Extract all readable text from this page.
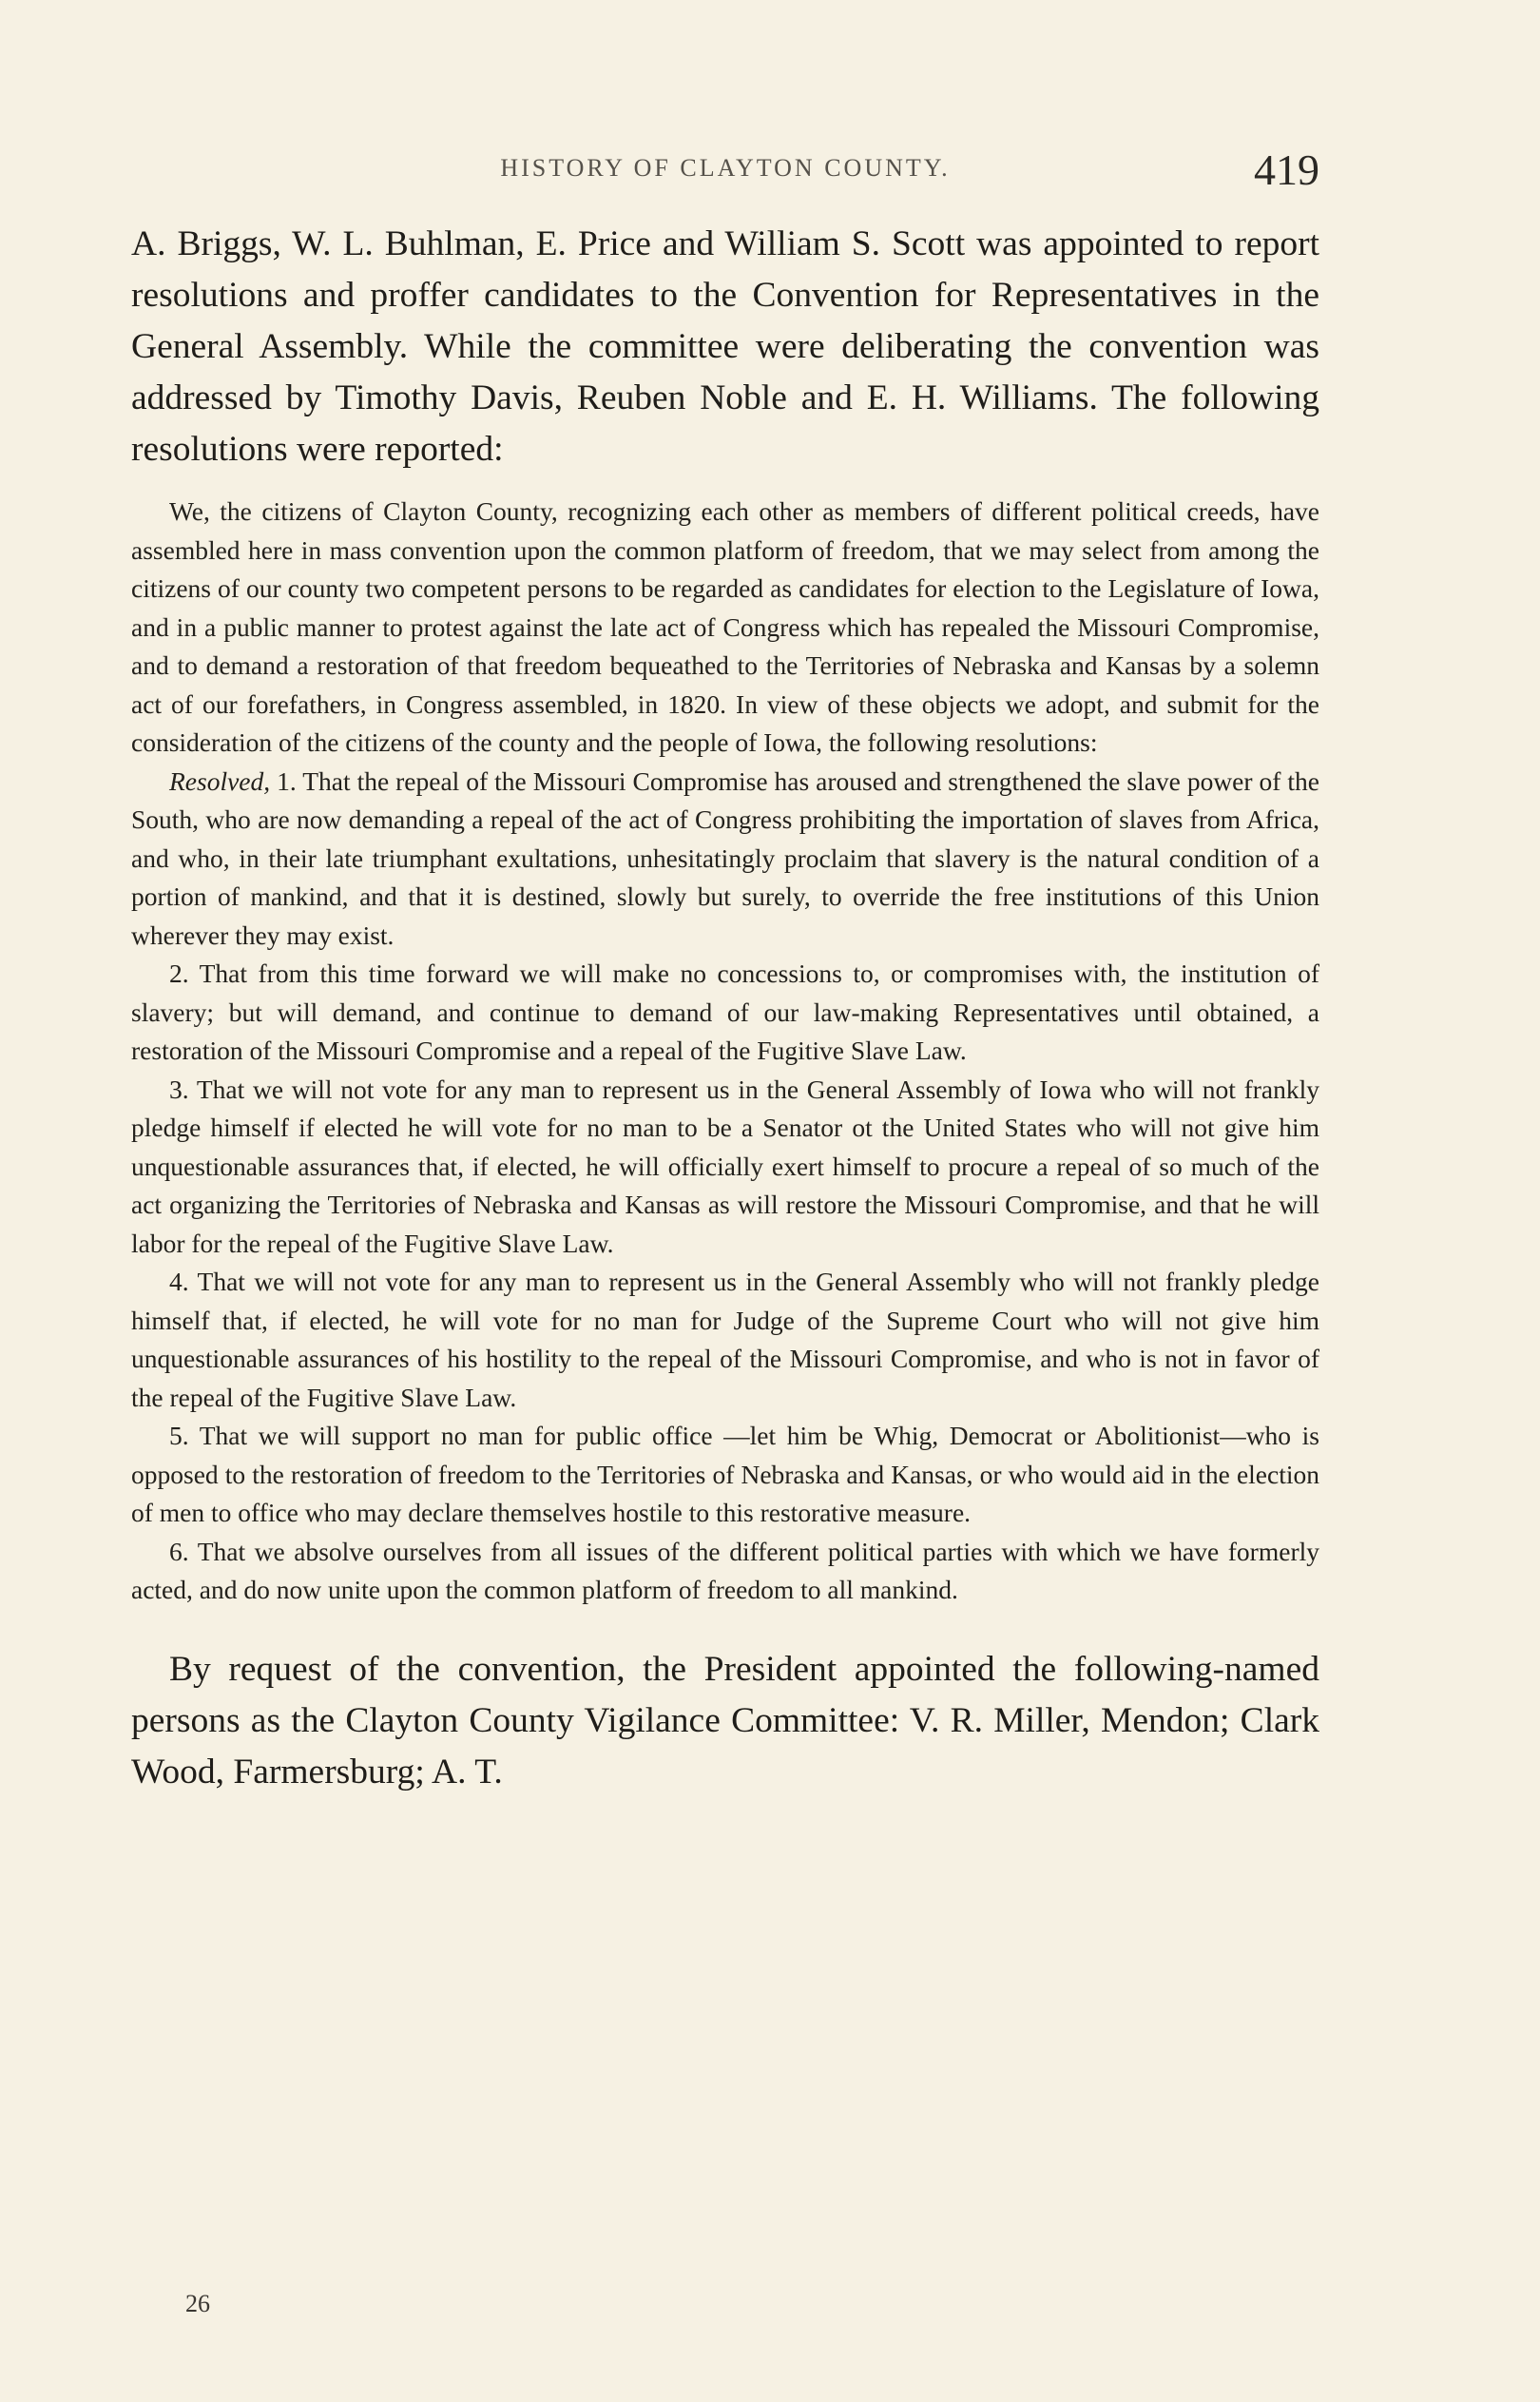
HISTORY OF CLAYTON COUNTY.	419

A. Briggs, W. L. Buhlman, E. Price and William S. Scott was appointed to report resolutions and proffer candidates to the Convention for Representatives in the General Assembly. While the committee were deliberating the convention was addressed by Timothy Davis, Reuben Noble and E. H. Williams. The following resolutions were reported:

We, the citizens of Clayton County, recognizing each other as members of different political creeds, have assembled here in mass convention upon the common platform of freedom, that we may select from among the citizens of our county two competent persons to be regarded as candidates for election to the Legislature of Iowa, and in a public manner to protest against the late act of Congress which has repealed the Missouri Compromise, and to demand a restoration of that freedom bequeathed to the Territories of Nebraska and Kansas by a solemn act of our forefathers, in Congress assembled, in 1820. In view of these objects we adopt, and submit for the consideration of the citizens of the county and the people of Iowa, the following resolutions:

Resolved, 1. That the repeal of the Missouri Compromise has aroused and strengthened the slave power of the South, who are now demanding a repeal of the act of Congress prohibiting the importation of slaves from Africa, and who, in their late triumphant exultations, unhesitatingly proclaim that slavery is the natural condition of a portion of mankind, and that it is destined, slowly but surely, to override the free institutions of this Union wherever they may exist.

2. That from this time forward we will make no concessions to, or compromises with, the institution of slavery; but will demand, and continue to demand of our law-making Representatives until obtained, a restoration of the Missouri Compromise and a repeal of the Fugitive Slave Law.

3. That we will not vote for any man to represent us in the General Assembly of Iowa who will not frankly pledge himself if elected he will vote for no man to be a Senator ot the United States who will not give him unquestionable assurances that, if elected, he will officially exert himself to procure a repeal of so much of the act organizing the Territories of Nebraska and Kansas as will restore the Missouri Compromise, and that he will labor for the repeal of the Fugitive Slave Law.

4. That we will not vote for any man to represent us in the General Assembly who will not frankly pledge himself that, if elected, he will vote for no man for Judge of the Supreme Court who will not give him unquestionable assurances of his hostility to the repeal of the Missouri Compromise, and who is not in favor of the repeal of the Fugitive Slave Law.

5. That we will support no man for public office —let him be Whig, Democrat or Abolitionist—who is opposed to the restoration of freedom to the Territories of Nebraska and Kansas, or who would aid in the election of men to office who may declare themselves hostile to this restorative measure.

6. That we absolve ourselves from all issues of the different political parties with which we have formerly acted, and do now unite upon the common platform of freedom to all mankind.

By request of the convention, the President appointed the following-named persons as the Clayton County Vigilance Committee: V. R. Miller, Mendon; Clark Wood, Farmersburg; A. T.

26
